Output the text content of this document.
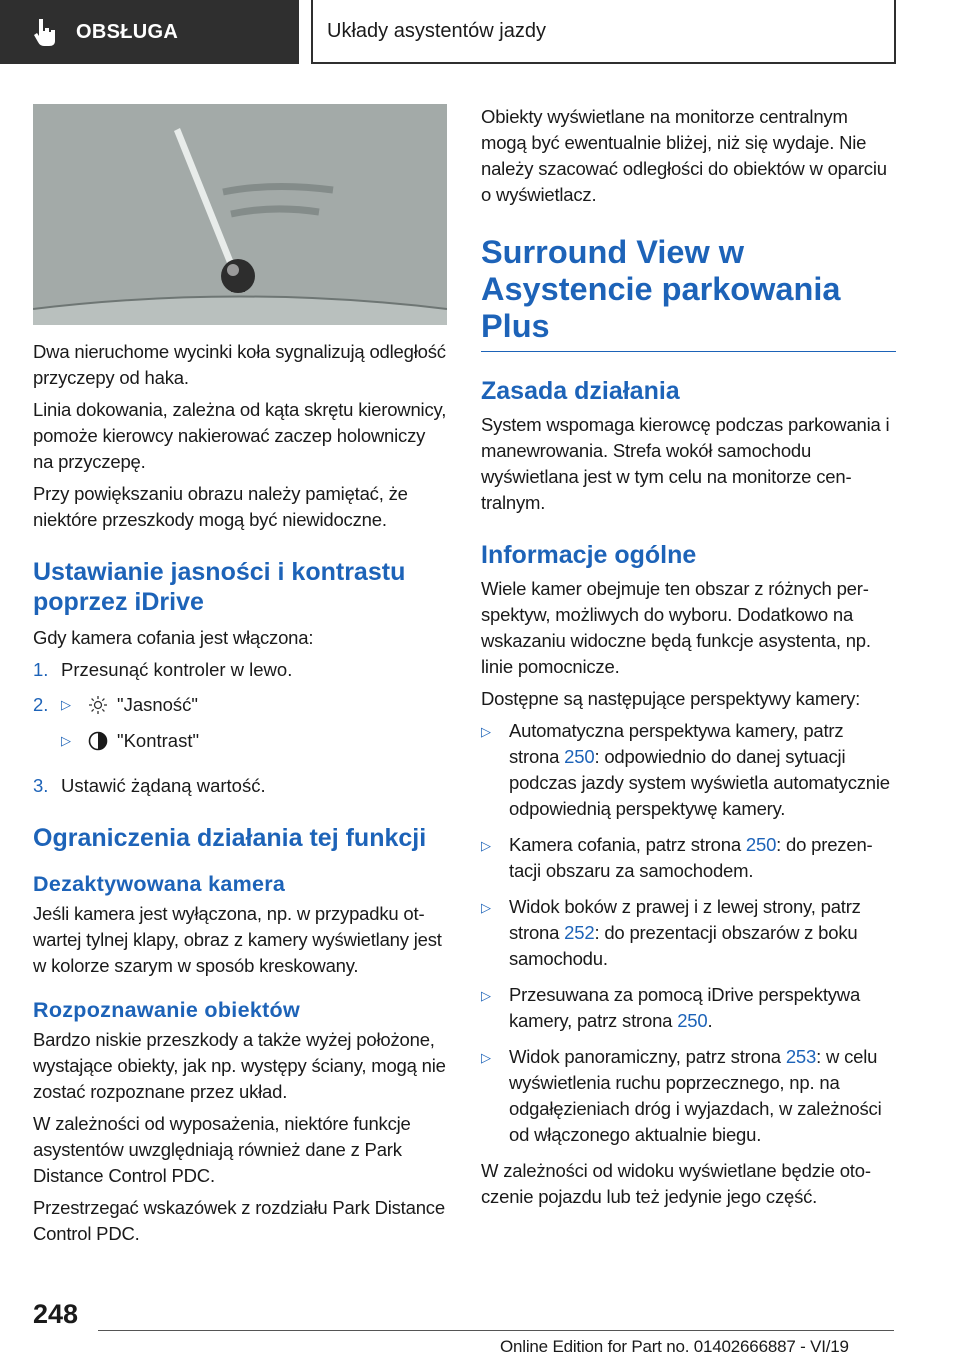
OBSŁUGA	Układy asystentów jazdy

Dwa nieruchome wycinki koła sygnalizują odległość przyczepy od haka.

Linia dokowania, zależna od kąta skrętu kierownicy, pomoże kierowcy nakierować zaczep holowniczy na przyczepę.

Przy powiększaniu obrazu należy pamiętać, że niektóre przeszkody mogą być niewidoczne.

Ustawianie jasności i kontrastu poprzez iDrive

Gdy kamera cofania jest włączona:

1. Przesunąć kontroler w lewo.
2. ▷	"Jasność"
▷	"Kontrast"
3. Ustawić żądaną wartość.
Ograniczenia działania tej funkcji
Dezaktywowana kamera

Jeśli kamera jest wyłączona, np. w przypadku otwartej tylnej klapy, obraz z kamery wyświetlany jest w kolorze szarym w sposób kreskowany.

Rozpoznawanie obiektów

Bardzo niskie przeszkody a także wyżej położone, wystające obiekty, jak np. występy ściany, mogą nie zostać rozpoznane przez układ.

W zależności od wyposażenia, niektóre funkcje asystentów uwzględniają również dane z Park Distance Control PDC.

Przestrzegać wskazówek z rozdziału Park Distance Control PDC.

Obiekty wyświetlane na monitorze centralnym mogą być ewentualnie bliżej, niż się wydaje. Nie należy szacować odległości do obiektów w oparciu o wyświetlacz.

Surround View w Asystencie parkowania Plus
Zasada działania

System wspomaga kierowcę podczas parkowania i manewrowania. Strefa wokół samochodu wyświetlana jest w tym celu na monitorze centralnym.

Informacje ogólne

Wiele kamer obejmuje ten obszar z różnych perspektyw, możliwych do wyboru. Dodatkowo na wskazaniu widoczne będą funkcje asystenta, np. linie pomocnicze.

Dostępne są następujące perspektywy kamery:

▷ Automatyczna perspektywa kamery, patrz strona 250: odpowiednio do danej sytuacji podczas jazdy system wyświetla automatycznie odpowiednią perspektywę kamery.
▷ Kamera cofania, patrz strona 250: do prezentacji obszaru za samochodem.
▷ Widok boków z prawej i z lewej strony, patrz strona 252: do prezentacji obszarów z boku samochodu.
▷ Przesuwana za pomocą iDrive perspektywa kamery, patrz strona 250.
▷ Widok panoramiczny, patrz strona 253: w celu wyświetlenia ruchu poprzecznego, np. na odgałęzieniach dróg i wyjazdach, w zależności od włączonego aktualnie biegu.

W zależności od widoku wyświetlane będzie otoczenie pojazdu lub też jedynie jego część.

248
Online Edition for Part no. 01402666887 - VI/19
